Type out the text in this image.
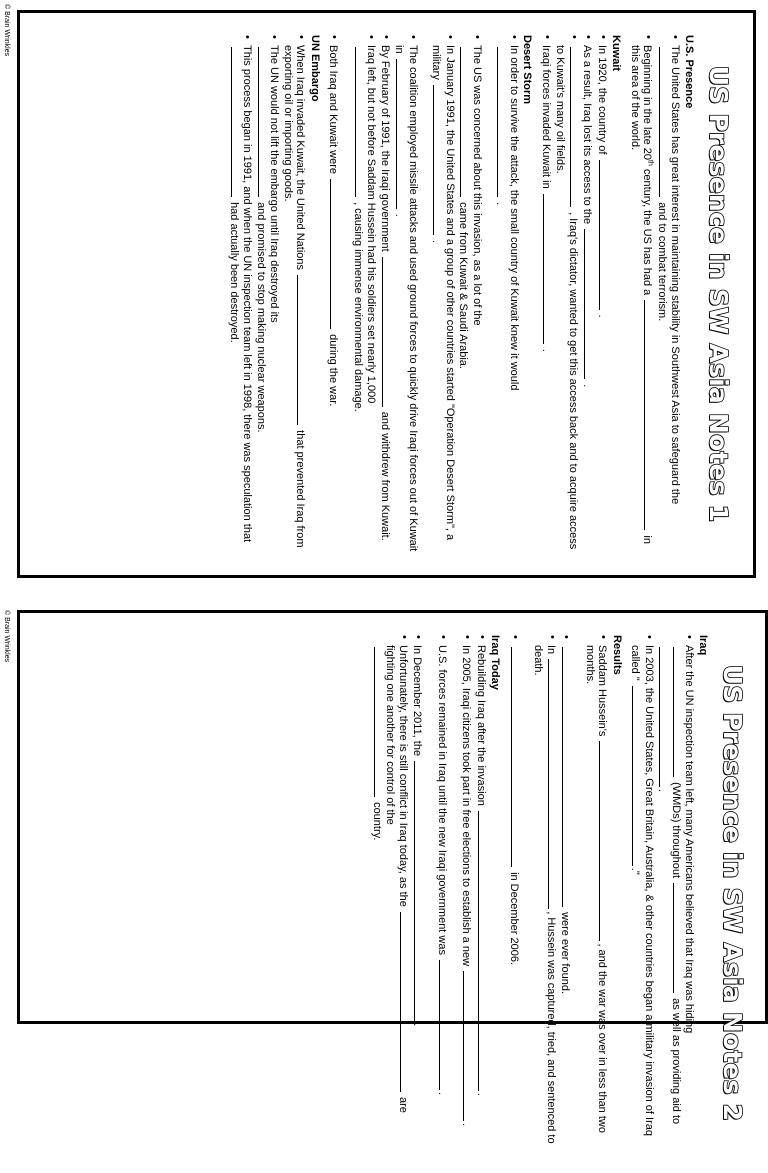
© Brain Wrinkles
© Brain Wrinkles
US Presence in SW Asia Notes 1
U.S. Presence
• The United States has great interest in maintaining stability in Southwest Asia to safeguard the  and to combat terrorism.
• Beginning in the late 20th century, the US has had a  in this area of the world.
Kuwait
• In 1920, the country of  .
• As a result, Iraq lost its access to the  .
• , Iraq's dictator, wanted to get this access back and to acquire access to Kuwait's many oil fields.
• Iraqi forces invaded Kuwait in  .
Desert Storm
• In order to survive the attack, the small country of Kuwait knew it would
.
• The US was concerned about this invasion, as a lot of the
came from Kuwait & Saudi Arabia.
• In January 1991, the United States and a group of other countries started "Operation Desert Storm", a military  .
• The coalition employed missile attacks and used ground forces to quickly drive Iraqi forces out of Kuwait in  .
• By February of 1991, the Iraqi government  and withdrew from Kuwait.
• Iraq left, but not before Saddam Hussein had his soldiers set nearly 1,000
, causing immense environmental damage.
• Both Iraq and Kuwait were  during the war.
UN Embargo
• When Iraq invaded Kuwait, the United Nations  that prevented Iraq from exporting oil or importing goods.
• The UN would not lift the embargo until Iraq destroyed its
and promised to stop making nuclear weapons.
• This process began in 1991, and when the UN inspection team left in 1998, there was speculation that  had actually been destroyed.
US Presence in SW Asia Notes 2
Iraq
• After the UN inspection team left, many Americans believed that Iraq was hiding  (WMDs) throughout  as well as providing aid to .
• In 2003, the United States, Great Britain, Australia, & other countries began a military invasion of Iraq called " ."
Results
• Saddam Hussein's , and the war was over in less than two months.
• were ever found.
• In , Hussein was captured, tried, and sentenced to death.
• in December 2006.
Iraq Today
• Rebuilding Iraq after the invasion .
• In 2005, Iraqi citizens took part in free elections to establish a new .
• U.S. forces remained in Iraq until the new Iraqi government was .
• In December 2011, the .
• Unfortunately, there is still conflict in Iraq today, as the  are fighting one another for control of the
country.
